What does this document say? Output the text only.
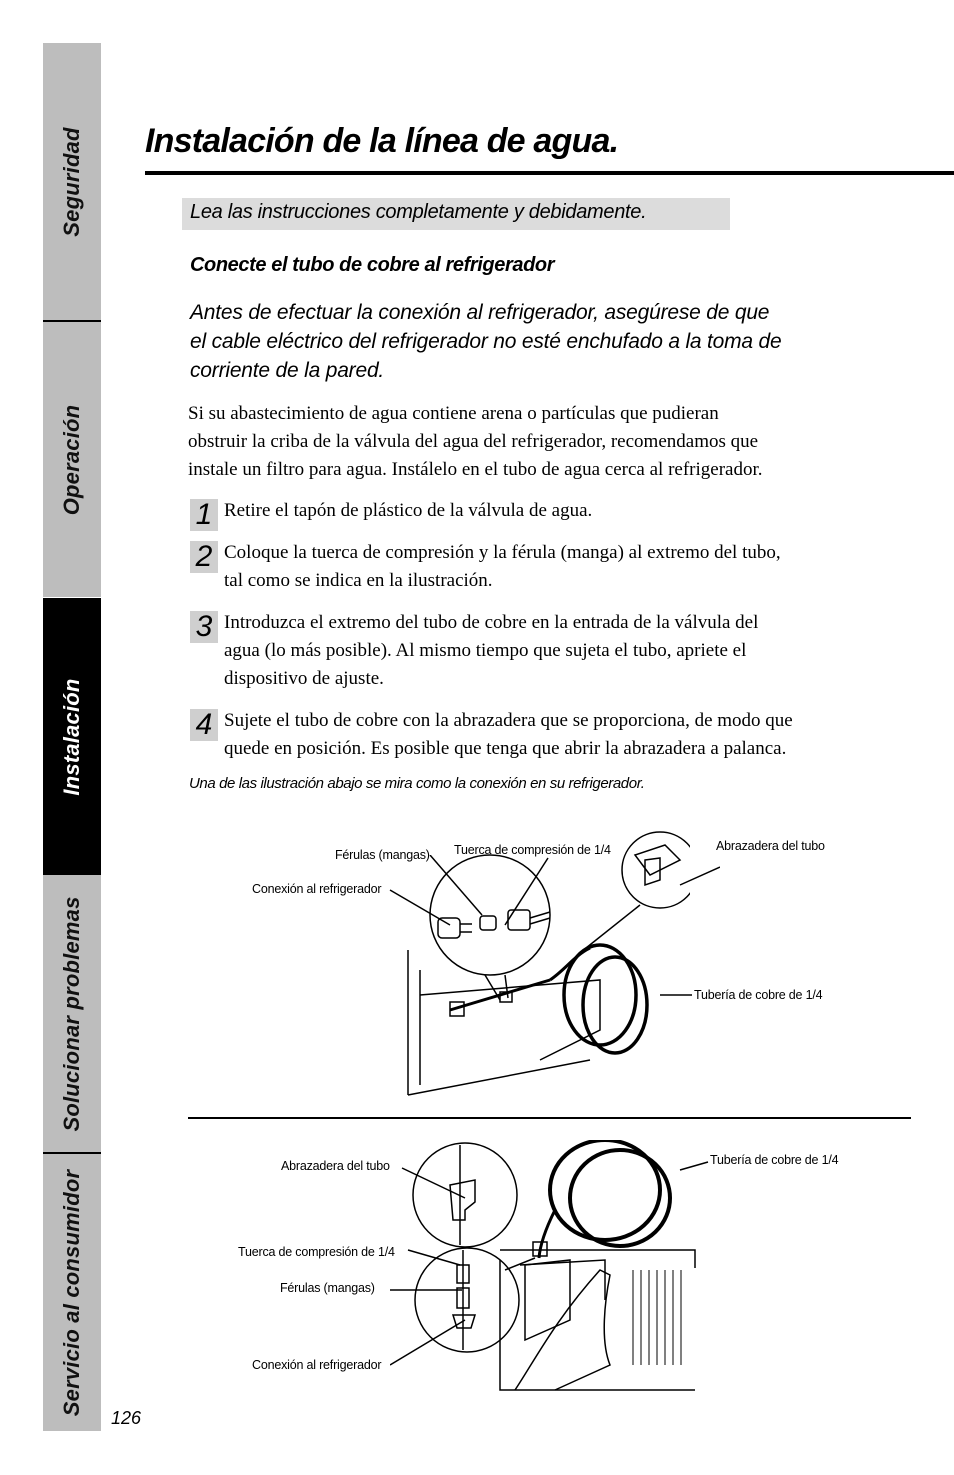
Seguridad
Operación
Instalación
Solucionar problemas
Servicio al consumidor
Instalación de la línea de agua.
Lea las instrucciones completamente y debidamente.
Conecte el tubo de cobre al refrigerador
Antes de efectuar la conexión al refrigerador, asegúrese de que
el cable eléctrico del refrigerador no esté enchufado a la toma de
corriente de la pared.
Si su abastecimiento de agua contiene arena o partículas que pudieran
obstruir la criba de la válvula del agua del refrigerador, recomendamos que
instale un filtro para agua. Instálelo en el tubo de agua cerca al refrigerador.
1 Retire el tapón de plástico de la válvula de agua.
2 Coloque la tuerca de compresión y la férula (manga) al extremo del tubo,
tal como se indica en la ilustración.
3 Introduzca el extremo del tubo de cobre en la entrada de la válvula del
agua (lo más posible). Al mismo tiempo que sujeta el tubo, apriete el
dispositivo de ajuste.
4 Sujete el tubo de cobre con la abrazadera que se proporciona, de modo que
quede en posición. Es posible que tenga que abrir la abrazadera a palanca.
Una de las ilustración abajo se mira como la conexión en su refrigerador.
Férulas (mangas) Tuerca de compresión de 1/4	Abrazadera del tubo
Conexión al refrigerador
Tubería de cobre de 1/4
Abrazadera del tubo	Tubería de cobre de 1/4
Tuerca de compresión de 1/4
Férulas (mangas)
Conexión al refrigerador
126
